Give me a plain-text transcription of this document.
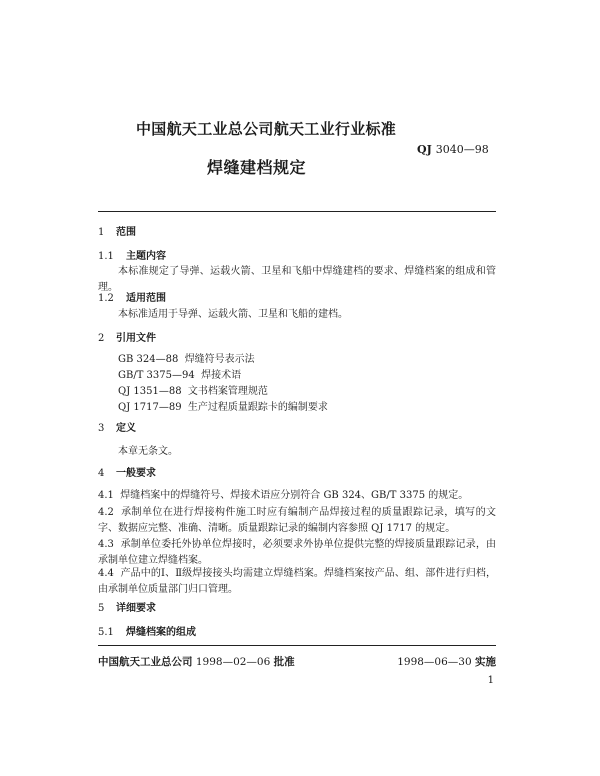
中国航天工业总公司航天工业行业标准
QJ 3040—98
焊缝建档规定
1 范围
1.1 主题内容
本标准规定了导弹、运载火箭、卫星和飞船中焊缝建档的要求、焊缝档案的组成和管理。
1.2 适用范围
本标准适用于导弹、运载火箭、卫星和飞船的建档。
2 引用文件
GB 324—88 焊缝符号表示法
GB/T 3375—94 焊接术语
QJ 1351—88 文书档案管理规范
QJ 1717—89 生产过程质量跟踪卡的编制要求
3 定义
本章无条文。
4 一般要求
4.1 焊缝档案中的焊缝符号、焊接术语应分别符合 GB 324、GB/T 3375 的规定。
4.2 承制单位在进行焊接构件施工时应有编制产品焊接过程的质量跟踪记录，填写的文字、数据应完整、准确、清晰。质量跟踪记录的编制内容参照 QJ 1717 的规定。
4.3 承制单位委托外协单位焊接时，必须要求外协单位提供完整的焊接质量跟踪记录，由承制单位建立焊缝档案。
4.4 产品中的Ⅰ、Ⅱ级焊接接头均需建立焊缝档案。焊缝档案按产品、组、部件进行归档，由承制单位质量部门归口管理。
5 详细要求
5.1 焊缝档案的组成
中国航天工业总公司 1998—02—06 批准	1998—06—30 实施
1
